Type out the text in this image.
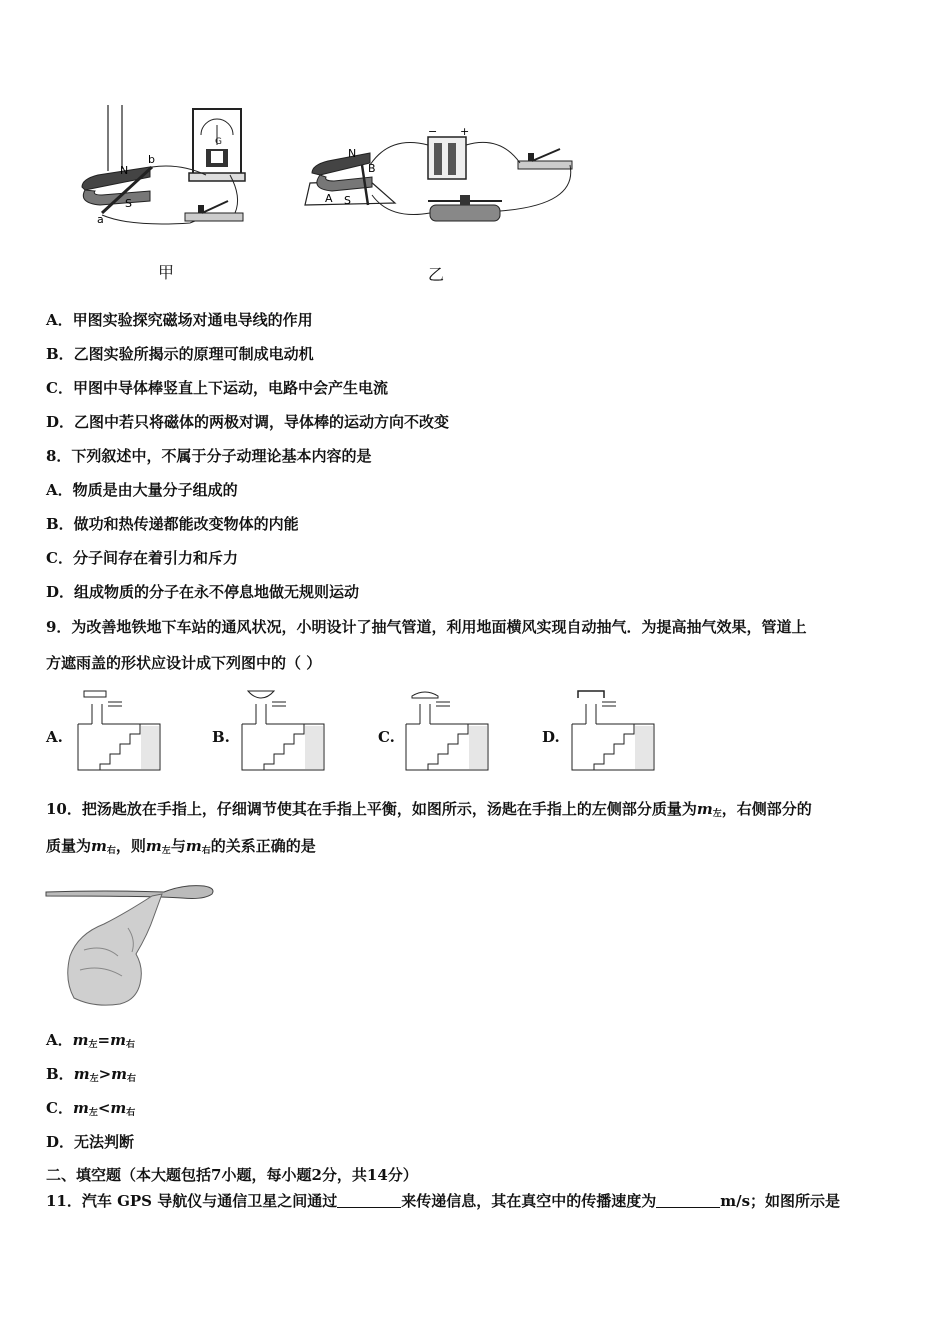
G
N
S
b
a
甲
N
B
A S
− +
乙
A．甲图实验探究磁场对通电导线的作用
B．乙图实验所揭示的原理可制成电动机
C．甲图中导体棒竖直上下运动，电路中会产生电流
D．乙图中若只将磁体的两极对调，导体棒的运动方向不改变
8．下列叙述中，不属于分子动理论基本内容的是
A．物质是由大量分子组成的
B．做功和热传递都能改变物体的内能
C．分子间存在着引力和斥力
D．组成物质的分子在永不停息地做无规则运动
9．为改善地铁地下车站的通风状况，小明设计了抽气管道，利用地面横风实现自动抽气．为提高抽气效果，管道上
方遮雨盖的形状应设计成下列图中的（ ）
A.	B.	C.	D.
10．把汤匙放在手指上，仔细调节使其在手指上平衡，如图所示，汤匙在手指上的左侧部分质量为$m_左$，右侧部分的
质量为$m_右$，则$m_左$与$m_右$的关系正确的是
A．$m_左=m_右$
B．$m_左>m_右$
C．$m_左<m_右$
D．无法判断
二、填空题（本大题包括7小题，每小题2分，共14分）
11．汽车 GPS 导航仪与通信卫星之间通过	来传递信息，其在真空中的传播速度为	m/s；如图所示是
